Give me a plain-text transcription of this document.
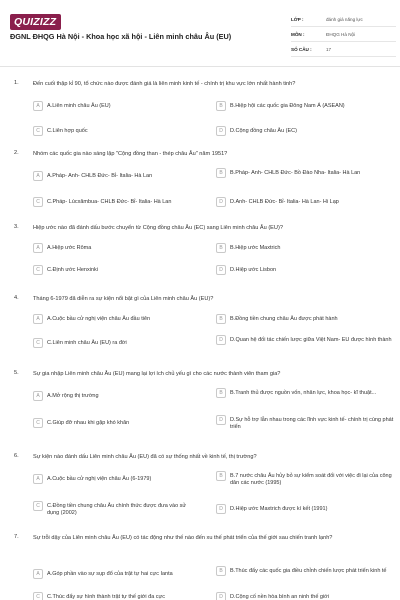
QUIZIZZ
ĐGNL ĐHQG Hà Nội - Khoa học xã hội - Liên minh châu Âu (EU)
LỚP :	đánh giá năng lực
MÔN :	ĐHQG Hà Nội
SỐ CÂU :	17
1.	Đến cuối thập kỉ 90, tổ chức nào được đánh giá là liên minh kinh tế - chính trị khu vực lớn nhất hành tinh?
A	A.Liên minh châu Âu (EU)	B	B.Hiệp hội các quốc gia Đông Nam Á (ASEAN)
C	C.Liên hợp quốc	D	D.Cộng đồng châu Âu (EC)
2.	Nhóm các quốc gia nào sáng lập "Cộng đồng than - thép châu Âu" năm 1951?
A	A.Pháp- Anh- CHLB Đức- Bỉ- Italia- Hà Lan	B	B.Pháp- Anh- CHLB Đức- Bồ Đào Nha- Italia- Hà Lan
C	C.Pháp- Lúcxămbua- CHLB Đức- Bỉ- Italia- Hà Lan	D	D.Anh- CHLB Đức- Bỉ- Italia- Hà Lan- Hi Lạp
3.	Hiệp ước nào đã đánh dấu bước chuyển từ Cộng đồng châu Âu (EC) sang Liên minh châu Âu (EU)?
A	A.Hiệp ước Rôma	B	B.Hiệp ước Maxtrich
C	C.Định ước Henxinki	D	D.Hiệp ước Lisbon
4.	Tháng 6-1979 đã diễn ra sự kiện nổi bật gì của Liên minh châu Âu (EU)?
A	A.Cuộc bầu cử nghị viện châu Âu đầu tiên	B	B.Đồng tiền chung châu Âu được phát hành
C	C.Liên minh châu Âu (EU) ra đời	D	D.Quan hệ đối tác chiến lược giữa Việt Nam- EU được hình thành
5.	Sự gia nhập Liên minh châu Âu (EU) mang lại lợi ích chủ yếu gì cho các nước thành viên tham gia?
A	A.Mở rộng thị trường	B	B.Tranh thủ được nguồn vốn, nhân lực, khoa học- kĩ thuật...
C	C.Giúp đỡ nhau khi gặp khó khăn	D	D.Sự hỗ trợ lẫn nhau trong các lĩnh vực kinh tế- chính trị cùng phát triển
6.	Sự kiện nào đánh dấu Liên minh châu Âu (EU) đã có sự thống nhất về kinh tế, thị trường?
A	A.Cuộc bầu cử nghị viện châu Âu (6-1979)	B	B.7 nước châu Âu hủy bỏ sự kiểm soát đối với việc đi lại của công dân các nước (1995)
C	C.Đồng tiền chung châu Âu chính thức được đưa vào sử dụng (2002)
D	D.Hiệp ước Maxtrich được kí kết (1991)
7.	Sự trỗi dậy của Liên minh châu Âu (EU) có tác động như thế nào đến xu thế phát triển của thế giới sau chiến tranh lạnh?
A	A.Góp phần vào sự sụp đổ của trật tự hai cực Ianta	B	B.Thúc đẩy các quốc gia điều chỉnh chiến lược phát triển kinh tế
C	C.Thúc đẩy sự hình thành trật tự thế giới đa cực	D	D.Cộng cố nền hòa bình an ninh thế giới
